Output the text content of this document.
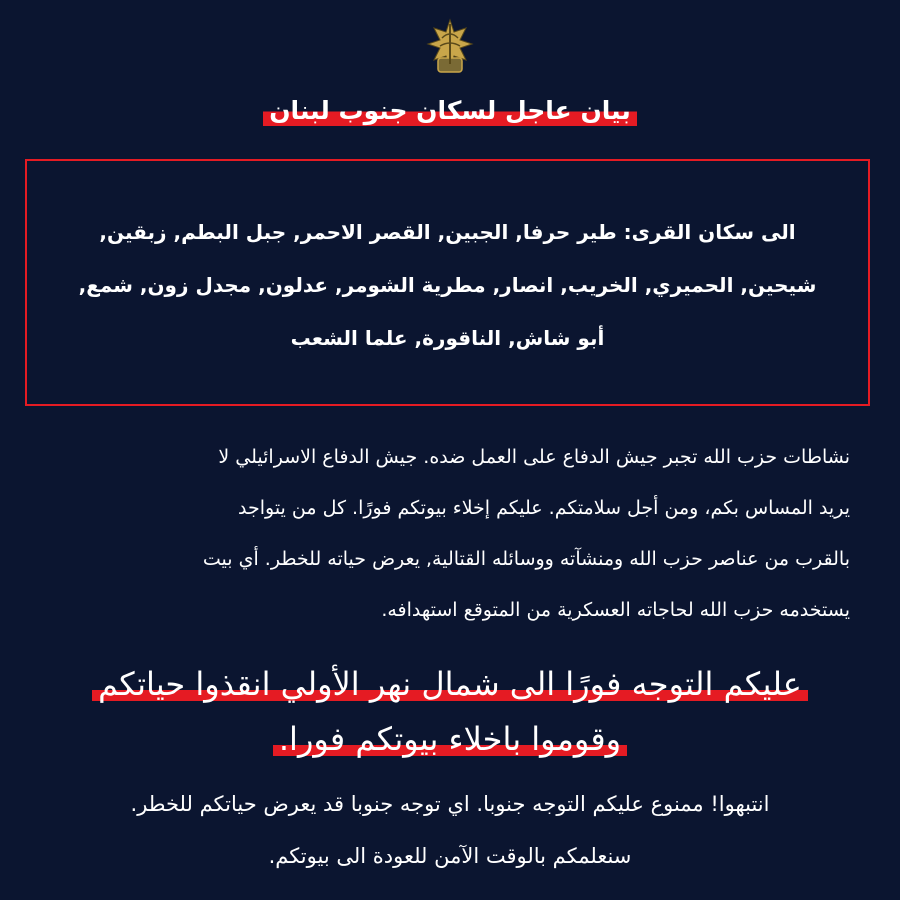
بيان عاجل لسكان جنوب لبنان

الى سكان القرى: طير حرفا, الجبين, القصر الاحمر, جبل البطم, زبقين,

شيحين, الحميري, الخريب, انصار, مطرية الشومر, عدلون, مجدل زون, شمع,

أبو شاش, الناقورة, علما الشعب

نشاطات حزب الله تجبر جيش الدفاع على العمل ضده. جيش الدفاع الاسرائيلي لا

يريد المساس بكم، ومن أجل سلامتكم. عليكم إخلاء بيوتكم فورًا. كل من يتواجد

بالقرب من عناصر حزب الله ومنشآته ووسائله القتالية, يعرض حياته للخطر. أي بيت

يستخدمه حزب الله لحاجاته العسكرية من المتوقع استهدافه.

عليكم التوجه فورًا الى شمال نهر الأولي انقذوا حياتكم
وقوموا باخلاء بيوتكم فورا.

انتبهوا! ممنوع عليكم التوجه جنوبا. اي توجه جنوبا قد يعرض حياتكم للخطر.

سنعلمكم بالوقت الآمن للعودة الى بيوتكم.
